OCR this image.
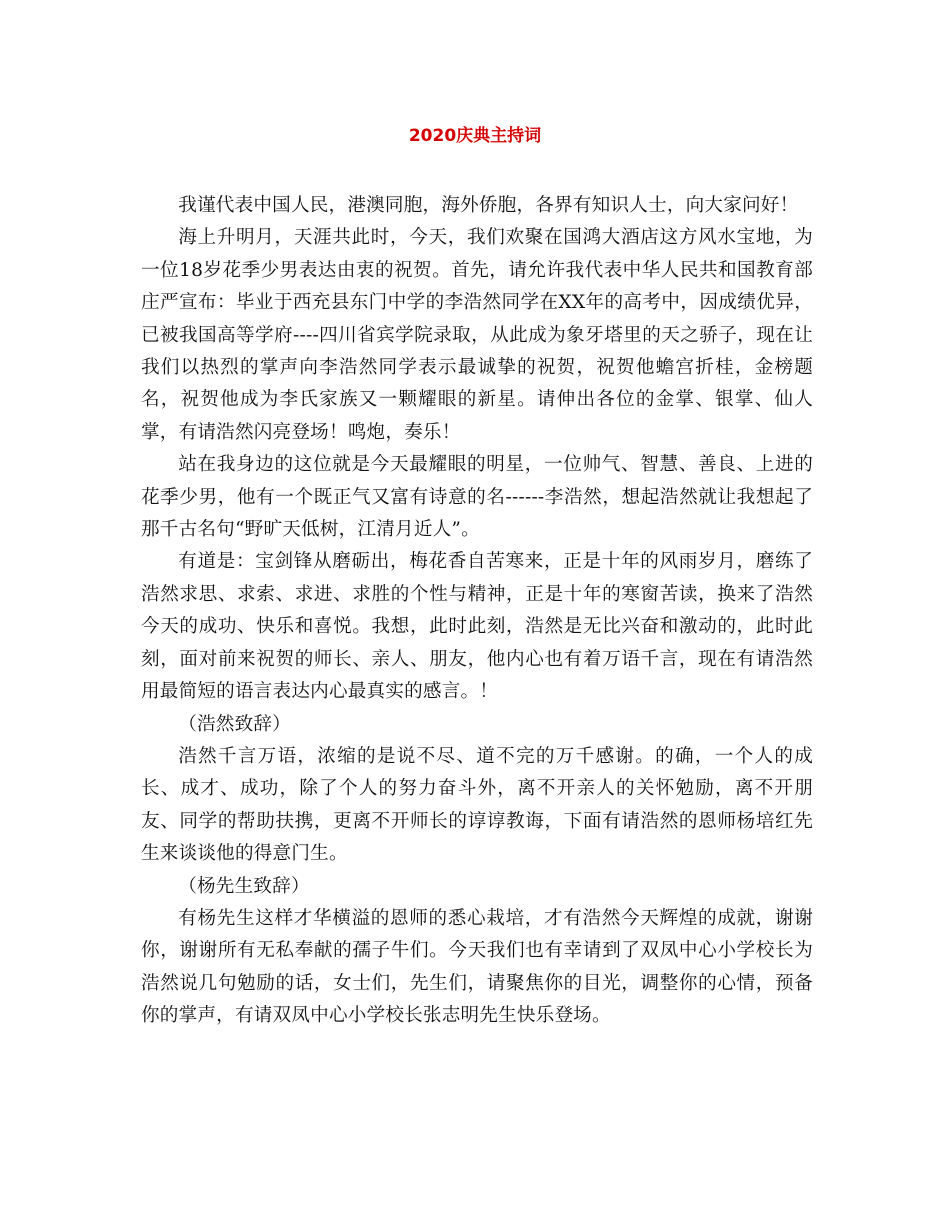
2020庆典主持词

我谨代表中国人民，港澳同胞，海外侨胞，各界有知识人士，向大家问好！

海上升明月，天涯共此时，今天，我们欢聚在国鸿大酒店这方风水宝地，为一位18岁花季少男表达由衷的祝贺。首先，请允许我代表中华人民共和国教育部庄严宣布：毕业于西充县东门中学的李浩然同学在XX年的高考中，因成绩优异，已被我国高等学府----四川省宾学院录取，从此成为象牙塔里的天之骄子，现在让我们以热烈的掌声向李浩然同学表示最诚挚的祝贺，祝贺他蟾宫折桂，金榜题名，祝贺他成为李氏家族又一颗耀眼的新星。请伸出各位的金掌、银掌、仙人掌，有请浩然闪亮登场！鸣炮，奏乐！

站在我身边的这位就是今天最耀眼的明星，一位帅气、智慧、善良、上进的花季少男，他有一个既正气又富有诗意的名------李浩然，想起浩然就让我想起了那千古名句“野旷天低树，江清月近人”。

有道是：宝剑锋从磨砺出，梅花香自苦寒来，正是十年的风雨岁月，磨练了浩然求思、求索、求进、求胜的个性与精神，正是十年的寒窗苦读，换来了浩然今天的成功、快乐和喜悦。我想，此时此刻，浩然是无比兴奋和激动的，此时此刻，面对前来祝贺的师长、亲人、朋友，他内心也有着万语千言，现在有请浩然用最简短的语言表达内心最真实的感言。！

（浩然致辞）

浩然千言万语，浓缩的是说不尽、道不完的万千感谢。的确，一个人的成长、成才、成功，除了个人的努力奋斗外，离不开亲人的关怀勉励，离不开朋友、同学的帮助扶携，更离不开师长的谆谆教诲，下面有请浩然的恩师杨培红先生来谈谈他的得意门生。

（杨先生致辞）

有杨先生这样才华横溢的恩师的悉心栽培，才有浩然今天辉煌的成就，谢谢你，谢谢所有无私奉献的孺子牛们。今天我们也有幸请到了双凤中心小学校长为浩然说几句勉励的话，女士们，先生们，请聚焦你的目光，调整你的心情，预备你的掌声，有请双凤中心小学校长张志明先生快乐登场。
